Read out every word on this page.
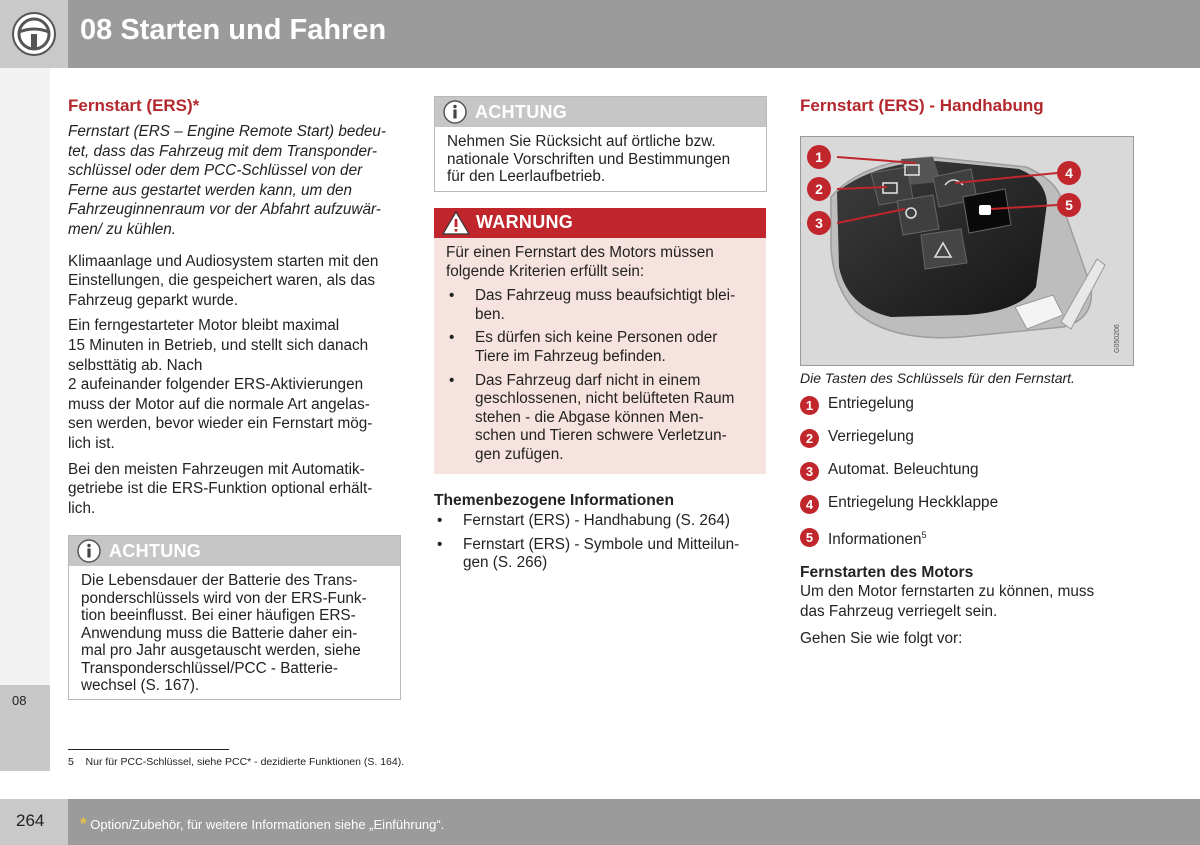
08 Starten und Fahren
08
Fernstart (ERS)*
Fernstart (ERS – Engine Remote Start) bedeu-
tet, dass das Fahrzeug mit dem Transponder-
schlüssel oder dem PCC-Schlüssel von der
Ferne aus gestartet werden kann, um den
Fahrzeuginnenraum vor der Abfahrt aufzuwär-
men/ zu kühlen.

Klimaanlage und Audiosystem starten mit den
Einstellungen, die gespeichert waren, als das
Fahrzeug geparkt wurde.

Ein ferngestarteter Motor bleibt maximal
15 Minuten in Betrieb, und stellt sich danach
selbsttätig ab. Nach
2 aufeinander folgender ERS-Aktivierungen
muss der Motor auf die normale Art angelas-
sen werden, bevor wieder ein Fernstart mög-
lich ist.

Bei den meisten Fahrzeugen mit Automatik-
getriebe ist die ERS-Funktion optional erhält-
lich.

ACHTUNG
Die Lebensdauer der Batterie des Trans-
ponderschlüssels wird von der ERS-Funk-
tion beeinflusst. Bei einer häufigen ERS-
Anwendung muss die Batterie daher ein-
mal pro Jahr ausgetauscht werden, siehe
Transponderschlüssel/PCC - Batterie-
wechsel (S. 167).
ACHTUNG
Nehmen Sie Rücksicht auf örtliche bzw.
nationale Vorschriften und Bestimmungen
für den Leerlaufbetrieb.
WARNUNG
Für einen Fernstart des Motors müssen
folgende Kriterien erfüllt sein:
• Das Fahrzeug muss beaufsichtigt blei-
ben.
• Es dürfen sich keine Personen oder
Tiere im Fahrzeug befinden.
• Das Fahrzeug darf nicht in einem
geschlossenen, nicht belüfteten Raum
stehen - die Abgase können Men-
schen und Tieren schwere Verletzun-
gen zufügen.
Themenbezogene Informationen
• Fernstart (ERS) - Handhabung (S. 264)
• Fernstart (ERS) - Symbole und Mitteilun-
gen (S. 266)
Fernstart (ERS) - Handhabung
1
2
3
4
5
G050206
Die Tasten des Schlüssels für den Fernstart.
1 Entriegelung
2 Verriegelung
3 Automat. Beleuchtung
4 Entriegelung Heckklappe
5 Informationen$^5$
Fernstarten des Motors

Um den Motor fernstarten zu können, muss
das Fahrzeug verriegelt sein.

Gehen Sie wie folgt vor:

5 Nur für PCC-Schlüssel, siehe PCC* - dezidierte Funktionen (S. 164).
264 * Option/Zubehör, für weitere Informationen siehe „Einführung“.
